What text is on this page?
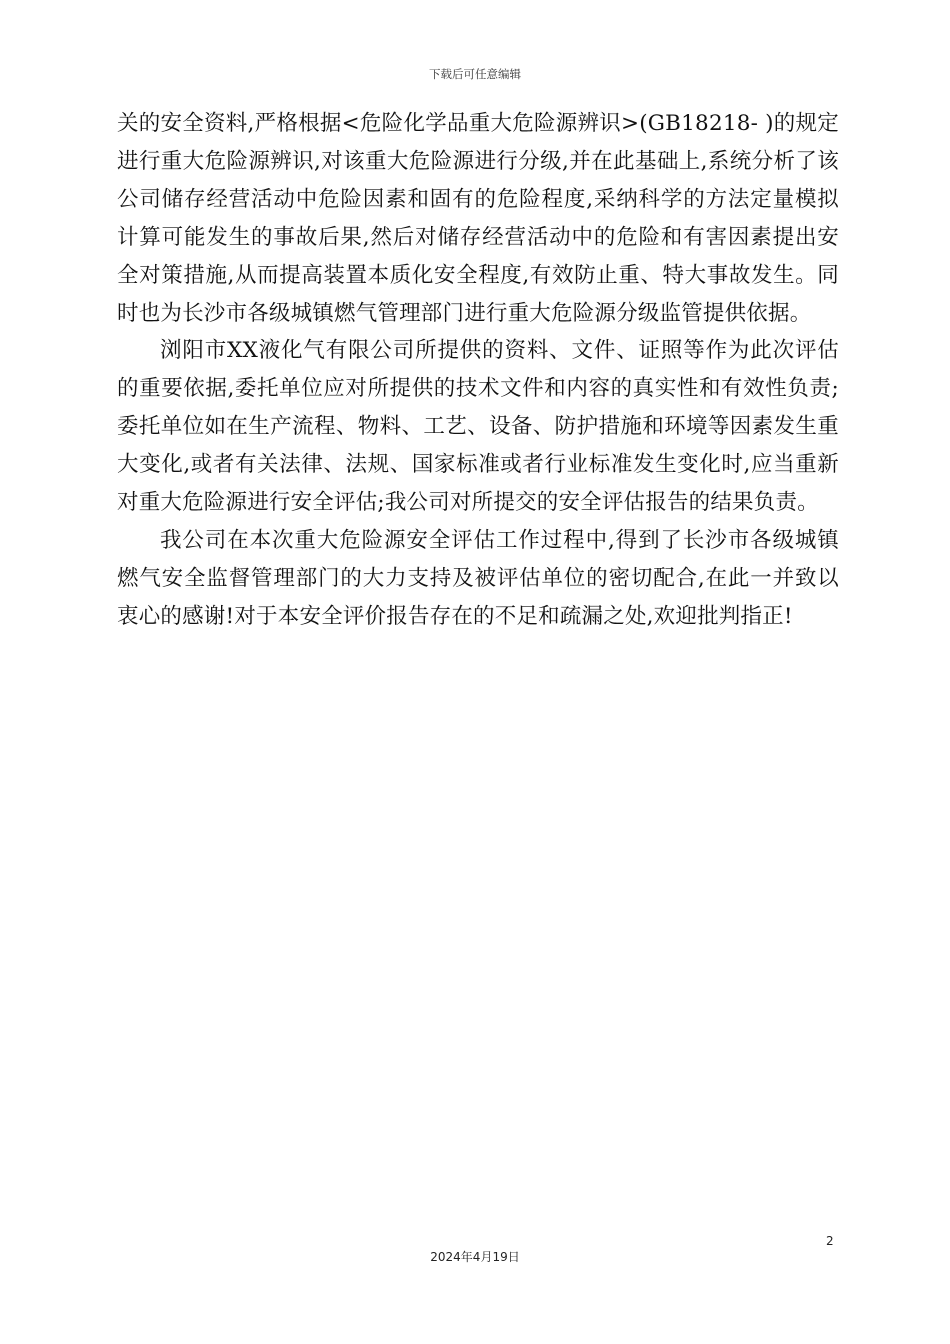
下载后可任意编辑

关的安全资料,严格根据<危险化学品重大危险源辨识>(GB18218- )的规定进行重大危险源辨识,对该重大危险源进行分级,并在此基础上,系统分析了该公司储存经营活动中危险因素和固有的危险程度,采纳科学的方法定量模拟计算可能发生的事故后果,然后对储存经营活动中的危险和有害因素提出安全对策措施,从而提高装置本质化安全程度,有效防止重、特大事故发生。同时也为长沙市各级城镇燃气管理部门进行重大危险源分级监管提供依据。

浏阳市XX液化气有限公司所提供的资料、文件、证照等作为此次评估的重要依据,委托单位应对所提供的技术文件和内容的真实性和有效性负责;委托单位如在生产流程、物料、工艺、设备、防护措施和环境等因素发生重大变化,或者有关法律、法规、国家标准或者行业标准发生变化时,应当重新对重大危险源进行安全评估;我公司对所提交的安全评估报告的结果负责。

我公司在本次重大危险源安全评估工作过程中,得到了长沙市各级城镇燃气安全监督管理部门的大力支持及被评估单位的密切配合,在此一并致以衷心的感谢!对于本安全评价报告存在的不足和疏漏之处,欢迎批判指正!

2
2024年4月19日
